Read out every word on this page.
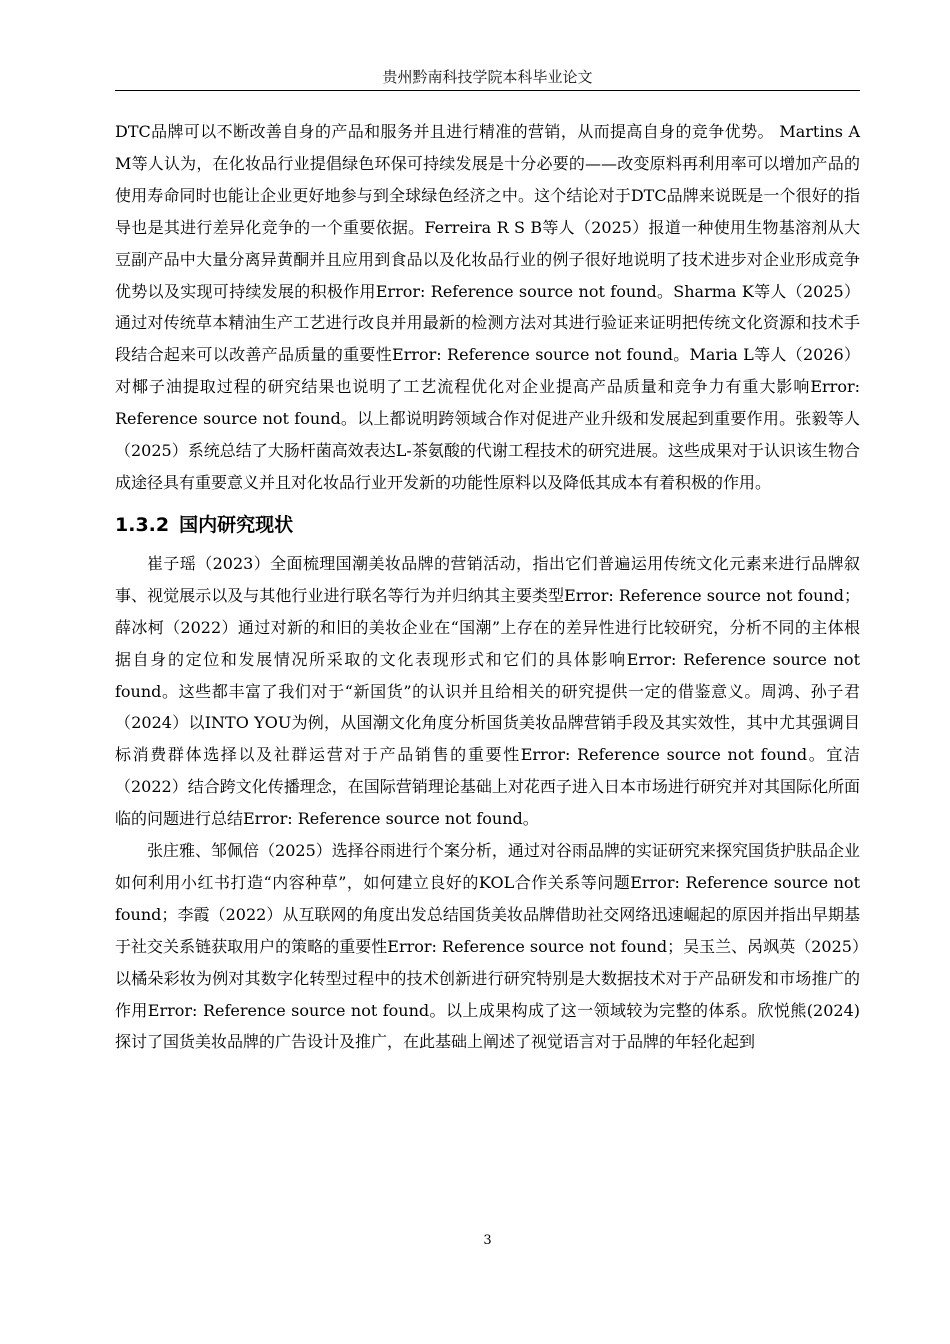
贵州黔南科技学院本科毕业论文

DTC品牌可以不断改善自身的产品和服务并且进行精准的营销，从而提高自身的竞争优势。 Martins A M等人认为，在化妆品行业提倡绿色环保可持续发展是十分必要的——改变原料再利用率可以增加产品的使用寿命同时也能让企业更好地参与到全球绿色经济之中。这个结论对于DTC品牌来说既是一个很好的指导也是其进行差异化竞争的一个重要依据。Ferreira R S B等人（2025）报道一种使用生物基溶剂从大豆副产品中大量分离异黄酮并且应用到食品以及化妆品行业的例子很好地说明了技术进步对企业形成竞争优势以及实现可持续发展的积极作用Error: Reference source not found。Sharma K等人（2025）通过对传统草本精油生产工艺进行改良并用最新的检测方法对其进行验证来证明把传统文化资源和技术手段结合起来可以改善产品质量的重要性Error: Reference source not found。Maria L等人（2026）对椰子油提取过程的研究结果也说明了工艺流程优化对企业提高产品质量和竞争力有重大影响Error: Reference source not found。以上都说明跨领域合作对促进产业升级和发展起到重要作用。张毅等人（2025）系统总结了大肠杆菌高效表达L-茶氨酸的代谢工程技术的研究进展。这些成果对于认识该生物合成途径具有重要意义并且对化妆品行业开发新的功能性原料以及降低其成本有着积极的作用。

1.3.2 国内研究现状

崔子瑶（2023）全面梳理国潮美妆品牌的营销活动，指出它们普遍运用传统文化元素来进行品牌叙事、视觉展示以及与其他行业进行联名等行为并归纳其主要类型Error: Reference source not found；薛冰柯（2022）通过对新的和旧的美妆企业在“国潮”上存在的差异性进行比较研究，分析不同的主体根据自身的定位和发展情况所采取的文化表现形式和它们的具体影响Error: Reference source not found。这些都丰富了我们对于“新国货”的认识并且给相关的研究提供一定的借鉴意义。周鸿、孙子君（2024）以INTO YOU为例，从国潮文化角度分析国货美妆品牌营销手段及其实效性，其中尤其强调目标消费群体选择以及社群运营对于产品销售的重要性Error: Reference source not found。宜洁（2022）结合跨文化传播理念，在国际营销理论基础上对花西子进入日本市场进行研究并对其国际化所面临的问题进行总结Error: Reference source not found。

张庄雅、邹佩倍（2025）选择谷雨进行个案分析，通过对谷雨品牌的实证研究来探究国货护肤品企业如何利用小红书打造“内容种草”，如何建立良好的KOL合作关系等问题Error: Reference source not found；李霞（2022）从互联网的角度出发总结国货美妆品牌借助社交网络迅速崛起的原因并指出早期基于社交关系链获取用户的策略的重要性Error: Reference source not found；吴玉兰、呙飒英（2025）以橘朵彩妆为例对其数字化转型过程中的技术创新进行研究特别是大数据技术对于产品研发和市场推广的作用Error: Reference source not found。以上成果构成了这一领域较为完整的体系。欣悦熊(2024)探讨了国货美妆品牌的广告设计及推广，在此基础上阐述了视觉语言对于品牌的年轻化起到

3
